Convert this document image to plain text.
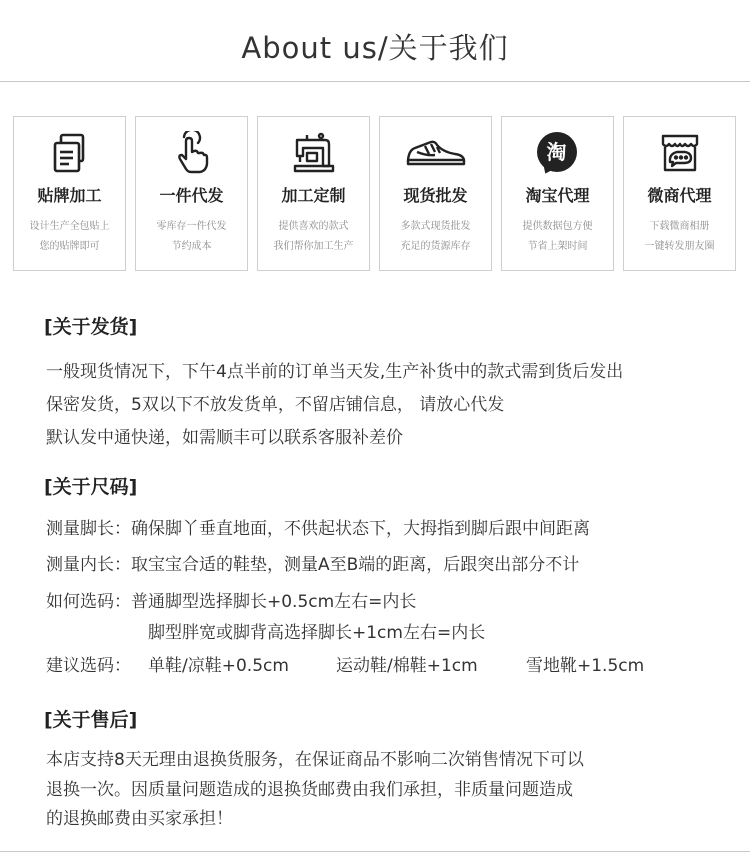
About us/关于我们
贴牌加工
设计生产全包贴上
您的贴牌即可
一件代发
零库存一件代发
节约成本
加工定制
提供喜欢的款式
我们帮你加工生产
现货批发
多款式现货批发
充足的货源库存
淘
淘宝代理
提供数据包方便
节省上架时间
微商代理
下载微商相册
一键转发朋友圈
[关于发货]
一般现货情况下，下午4点半前的订单当天发,生产补货中的款式需到货后发出
保密发货，5双以下不放发货单，不留店铺信息， 请放心代发
默认发中通快递，如需顺丰可以联系客服补差价
[关于尺码]
测量脚长：确保脚丫垂直地面，不供起状态下，大拇指到脚后跟中间距离
测量内长：取宝宝合适的鞋垫，测量A至B端的距离，后跟突出部分不计
如何选码：普通脚型选择脚长+0.5cm左右=内长
脚型胖宽或脚背高选择脚长+1cm左右=内长
建议选码： 单鞋/凉鞋+0.5cm	运动鞋/棉鞋+1cm	雪地靴+1.5cm
[关于售后]
本店支持8天无理由退换货服务，在保证商品不影响二次销售情况下可以
退换一次。因质量问题造成的退换货邮费由我们承担，非质量问题造成
的退换邮费由买家承担！
